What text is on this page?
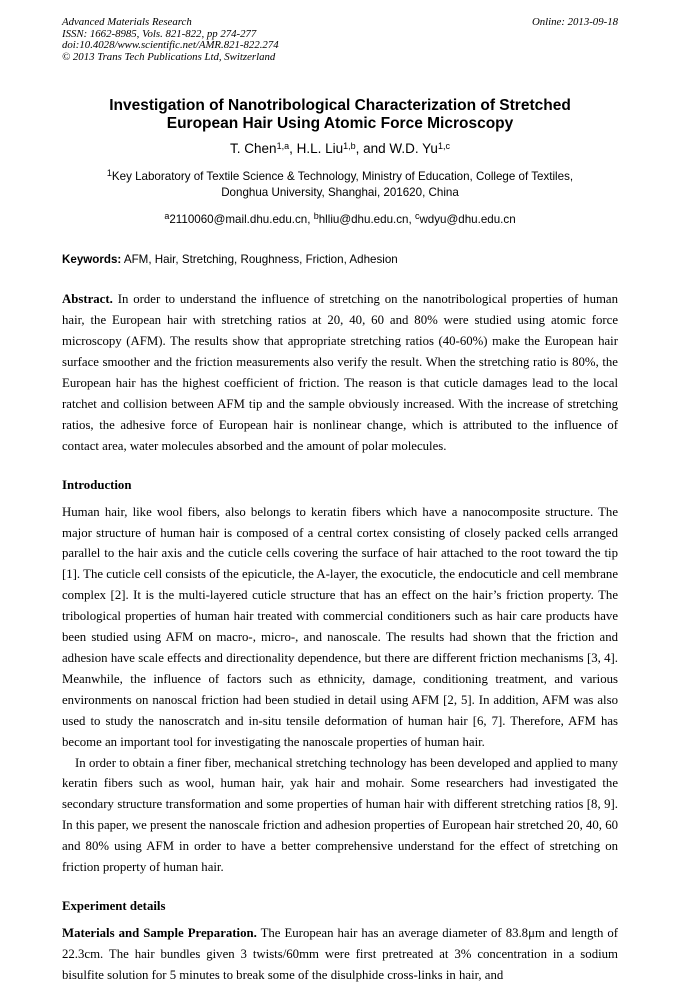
Advanced Materials Research
ISSN: 1662-8985, Vols. 821-822, pp 274-277
doi:10.4028/www.scientific.net/AMR.821-822.274
© 2013 Trans Tech Publications Ltd, Switzerland
Online: 2013-09-18
Investigation of Nanotribological Characterization of Stretched
European Hair Using Atomic Force Microscopy
T. Chen$^{1,a}$, H.L. Liu$^{1,b}$, and W.D. Yu$^{1,c}$
$^1$Key Laboratory of Textile Science & Technology, Ministry of Education, College of Textiles,
Donghua University, Shanghai, 201620, China
$^a$2110060@mail.dhu.edu.cn, $^b$hlliu@dhu.edu.cn, $^c$wdyu@dhu.edu.cn
Keywords: AFM, Hair, Stretching, Roughness, Friction, Adhesion

Abstract. In order to understand the influence of stretching on the nanotribological properties of human hair, the European hair with stretching ratios at 20, 40, 60 and 80% were studied using atomic force microscopy (AFM). The results show that appropriate stretching ratios (40-60%) make the European hair surface smoother and the friction measurements also verify the result. When the stretching ratio is 80%, the European hair has the highest coefficient of friction. The reason is that cuticle damages lead to the local ratchet and collision between AFM tip and the sample obviously increased. With the increase of stretching ratios, the adhesive force of European hair is nonlinear change, which is attributed to the influence of contact area, water molecules absorbed and the amount of polar molecules.

Introduction

Human hair, like wool fibers, also belongs to keratin fibers which have a nanocomposite structure. The major structure of human hair is composed of a central cortex consisting of closely packed cells arranged parallel to the hair axis and the cuticle cells covering the surface of hair attached to the root toward the tip [1]. The cuticle cell consists of the epicuticle, the A-layer, the exocuticle, the endocuticle and cell membrane complex [2]. It is the multi-layered cuticle structure that has an effect on the hair’s friction property. The tribological properties of human hair treated with commercial conditioners such as hair care products have been studied using AFM on macro-, micro-, and nanoscale. The results had shown that the friction and adhesion have scale effects and directionality dependence, but there are different friction mechanisms [3, 4]. Meanwhile, the influence of factors such as ethnicity, damage, conditioning treatment, and various environments on nanoscal friction had been studied in detail using AFM [2, 5]. In addition, AFM was also used to study the nanoscratch and in-situ tensile deformation of human hair [6, 7]. Therefore, AFM has become an important tool for investigating the nanoscale properties of human hair.

In order to obtain a finer fiber, mechanical stretching technology has been developed and applied to many keratin fibers such as wool, human hair, yak hair and mohair. Some researchers had investigated the secondary structure transformation and some properties of human hair with different stretching ratios [8, 9]. In this paper, we present the nanoscale friction and adhesion properties of European hair stretched 20, 40, 60 and 80% using AFM in order to have a better comprehensive understand for the effect of stretching on friction property of human hair.

Experiment details

Materials and Sample Preparation. The European hair has an average diameter of 83.8μm and length of 22.3cm. The hair bundles given 3 twists/60mm were first pretreated at 3% concentration in a sodium bisulfite solution for 5 minutes to break some of the disulphide cross-links in hair, and
